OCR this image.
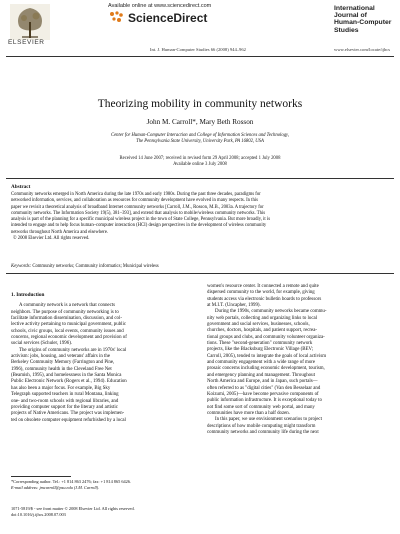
ELSEVIER
Available online at www.sciencedirect.com
ScienceDirect
Int. J. Human-Computer Studies 66 (2008) 944–962
International Journal of Human-Computer Studies
www.elsevier.com/locate/ijhcs
Theorizing mobility in community networks
John M. Carroll*, Mary Beth Rosson
Center for Human-Computer Interaction and College of Information Sciences and Technology,
The Pennsylvania State University, University Park, PA 16802, USA
Received 14 June 2007; received in revised form 29 April 2008; accepted 1 July 2008
Available online 3 July 2008
Abstract
Community networks emerged in North America during the late 1970s and early 1980s. During the past three decades, paradigms for
networked information, services, and collaboration as resources for community development have evolved in many respects. In this
paper we revisit a theoretical analysis of broadband Internet community networks [Carroll, J.M., Rosson, M.B., 2003a. A trajectory for
community networks. The Information Society 19(5), 381–393], and extend that analysis to mobile/wireless community networks. This
analysis is part of the planning for a specific municipal wireless project in the town of State College, Pennsylvania. But more broadly, it is
intended to engage and to help focus human–computer interaction (HCI) design perspectives in the development of wireless community
networks throughout North America and elsewhere.
© 2008 Elsevier Ltd. All rights reserved.
Keywords: Community networks; Community informatics; Municipal wireless
1. Introduction
A community network is a network that connects
neighbors. The purpose of community networking is to
facilitate information dissemination, discussion, and col-
lective activity pertaining to municipal government, public
schools, civic groups, local events, community issues and
concerns, regional economic development and provision of
social services (Schuler, 1996).
The origins of community networks are in 1970s' local
activism: jobs, housing, and veterans' affairs in the
Berkeley Community Memory (Farrington and Pine,
1996), community health in the Cleveland Free Net
(Beamish, 1995), and homelessness in the Santa Monica
Public Electronic Network (Rogers et al., 1994). Education
has also been a major focus. For example, Big Sky
Telegraph supported teachers in rural Montana, linking
one- and two-room schools with regional libraries, and
providing computer support for the literary and artistic
projects of Native Americans. The project was implemen-
ted on obsolete computer equipment refurbished by a local
women's resource center. It connected a remote and quite
dispersed community to the world, for example, giving
students access via electronic bulletin boards to professors
at M.I.T. (Uncapher, 1999).
During the 1990s, community networks became commu-
nity web portals, collecting and organizing links to local
government and social services, businesses, schools,
churches, doctors, hospitals, and patient support, recrea-
tional groups and clubs, and community volunteer organiza-
tions. These "second-generation" community network
projects, like the Blacksburg Electronic Village (BEV;
Carroll, 2005), tended to integrate the goals of local activism
and community engagement with a wide range of more
prosaic concerns including economic development, tourism,
and emergency planning and management. Throughout
North America and Europe, and in Japan, such portals—
often referred to as "digital cities" (Van den Besselaar and
Koizumi, 2005)—have become pervasive components of
public information infrastructure. It is exceptional today to
not find some sort of community web portal, and many
communities have more than a half dozen.
In this paper, we use envisionment scenarios to project
descriptions of how mobile computing might transform
community networks and community life during the next
*Corresponding author. Tel.: +1 814 863 2476; fax: +1 814 865 6426.
E-mail address: jmcarroll@psu.edu (J.M. Carroll).
1071-5819/$ - see front matter © 2008 Elsevier Ltd. All rights reserved.
doi:10.1016/j.ijhcs.2008.07.003
